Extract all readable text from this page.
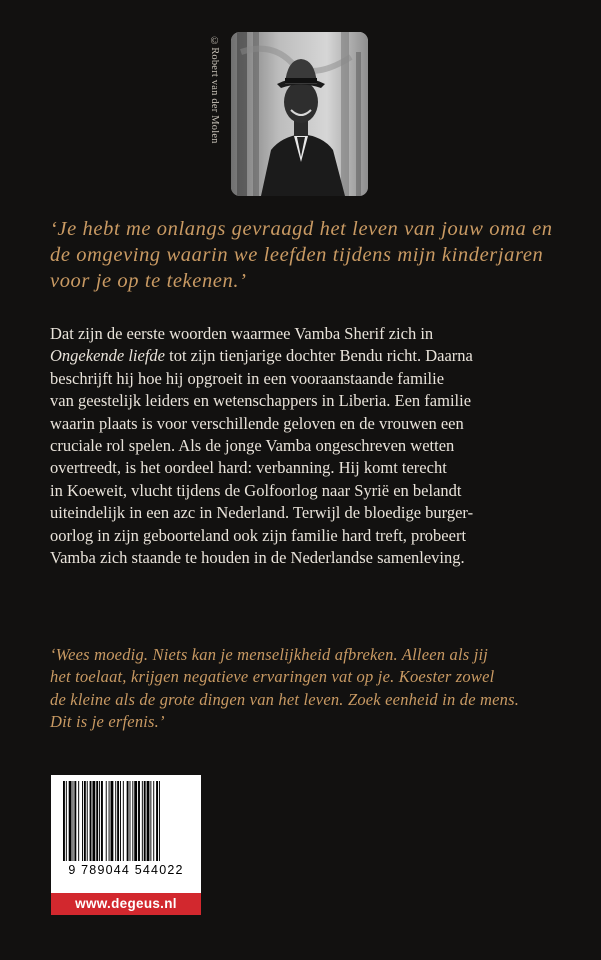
©Robert van der Molen
‘Je hebt me onlangs gevraagd het leven van jouw oma en
de omgeving waarin we leefden tijdens mijn kinderjaren
voor je op te tekenen.’
Dat zijn de eerste woorden waarmee Vamba Sherif zich in
Ongekende liefde tot zijn tienjarige dochter Bendu richt. Daarna
beschrijft hij hoe hij opgroeit in een vooraanstaande familie
van geestelijk leiders en wetenschappers in Liberia. Een familie
waarin plaats is voor verschillende geloven en de vrouwen een
cruciale rol spelen. Als de jonge Vamba ongeschreven wetten
overtreedt, is het oordeel hard: verbanning. Hij komt terecht
in Koeweit, vlucht tijdens de Golfoorlog naar Syrië en belandt
uiteindelijk in een azc in Nederland. Terwijl de bloedige burger-
oorlog in zijn geboorteland ook zijn familie hard treft, probeert
Vamba zich staande te houden in de Nederlandse samenleving.
‘Wees moedig. Niets kan je menselijkheid afbreken. Alleen als jij
het toelaat, krijgen negatieve ervaringen vat op je. Koester zowel
de kleine als de grote dingen van het leven. Zoek eenheid in de mens.
Dit is je erfenis.’
9 789044 544022
www.degeus.nl
